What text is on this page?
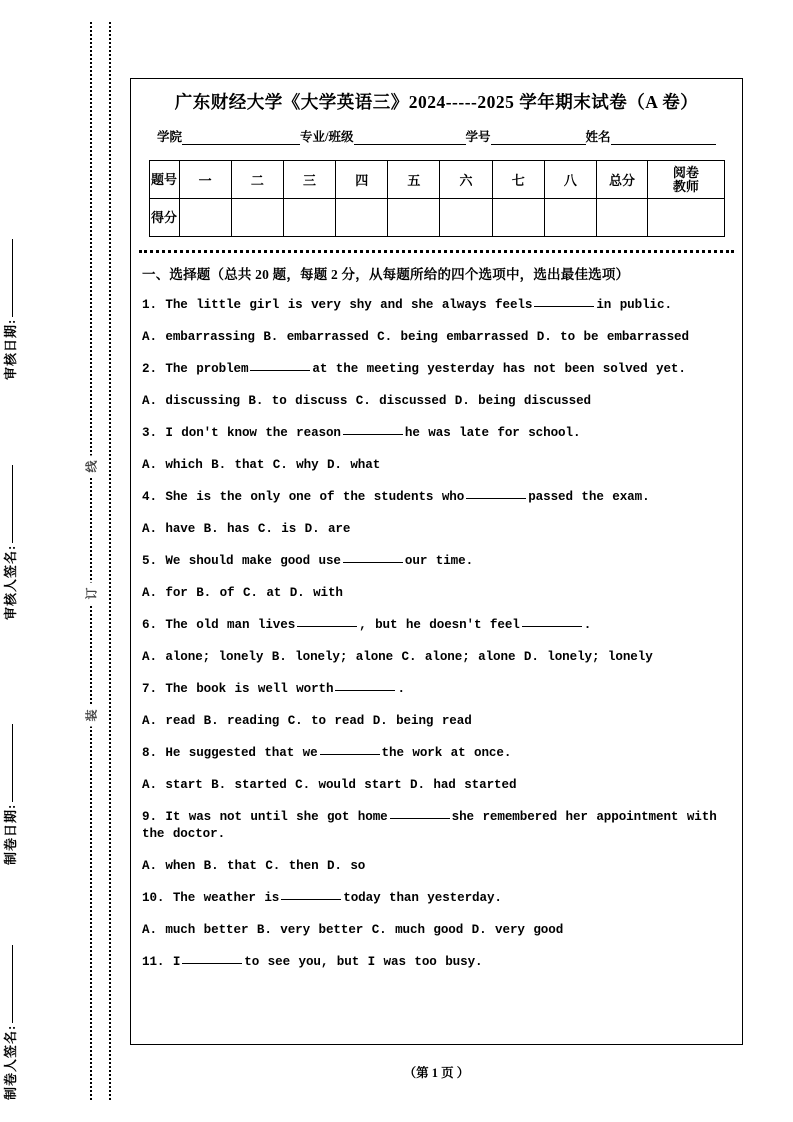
审核日期:
审核人签名:
制卷日期:
制卷人签名:
线
订
装
广东财经大学《大学英语三》2024-----2025 学年期末试卷（A 卷）
学院	专业/班级	学号	姓名
题号	一	二	三	四	五	六	七	八	总分	阅卷
教师

得分										

一、选择题（总共 20 题，每题 2 分，从每题所给的四个选项中，选出最佳选项）
1. The little girl is very shy and she always feels	in public.
A. embarrassing B. embarrassed C. being embarrassed D. to be embarrassed
2. The problem	at the meeting yesterday has not been solved yet.
A. discussing B. to discuss C. discussed D. being discussed
3. I don't know the reason	he was late for school.
A. which B. that C. why D. what
4. She is the only one of the students who	passed the exam.
A. have B. has C. is D. are
5. We should make good use	our time.
A. for B. of C. at D. with
6. The old man lives	, but he doesn't feel	.
A. alone; lonely B. lonely; alone C. alone; alone D. lonely; lonely
7. The book is well worth	.
A. read B. reading C. to read D. being read
8. He suggested that we	the work at once.
A. start B. started C. would start D. had started
9. It was not until she got home	she remembered her appointment with the doctor.
A. when B. that C. then D. so
10. The weather is	today than yesterday.
A. much better B. very better C. much good D. very good
11. I	to see you, but I was too busy.
（第 1 页 ）
